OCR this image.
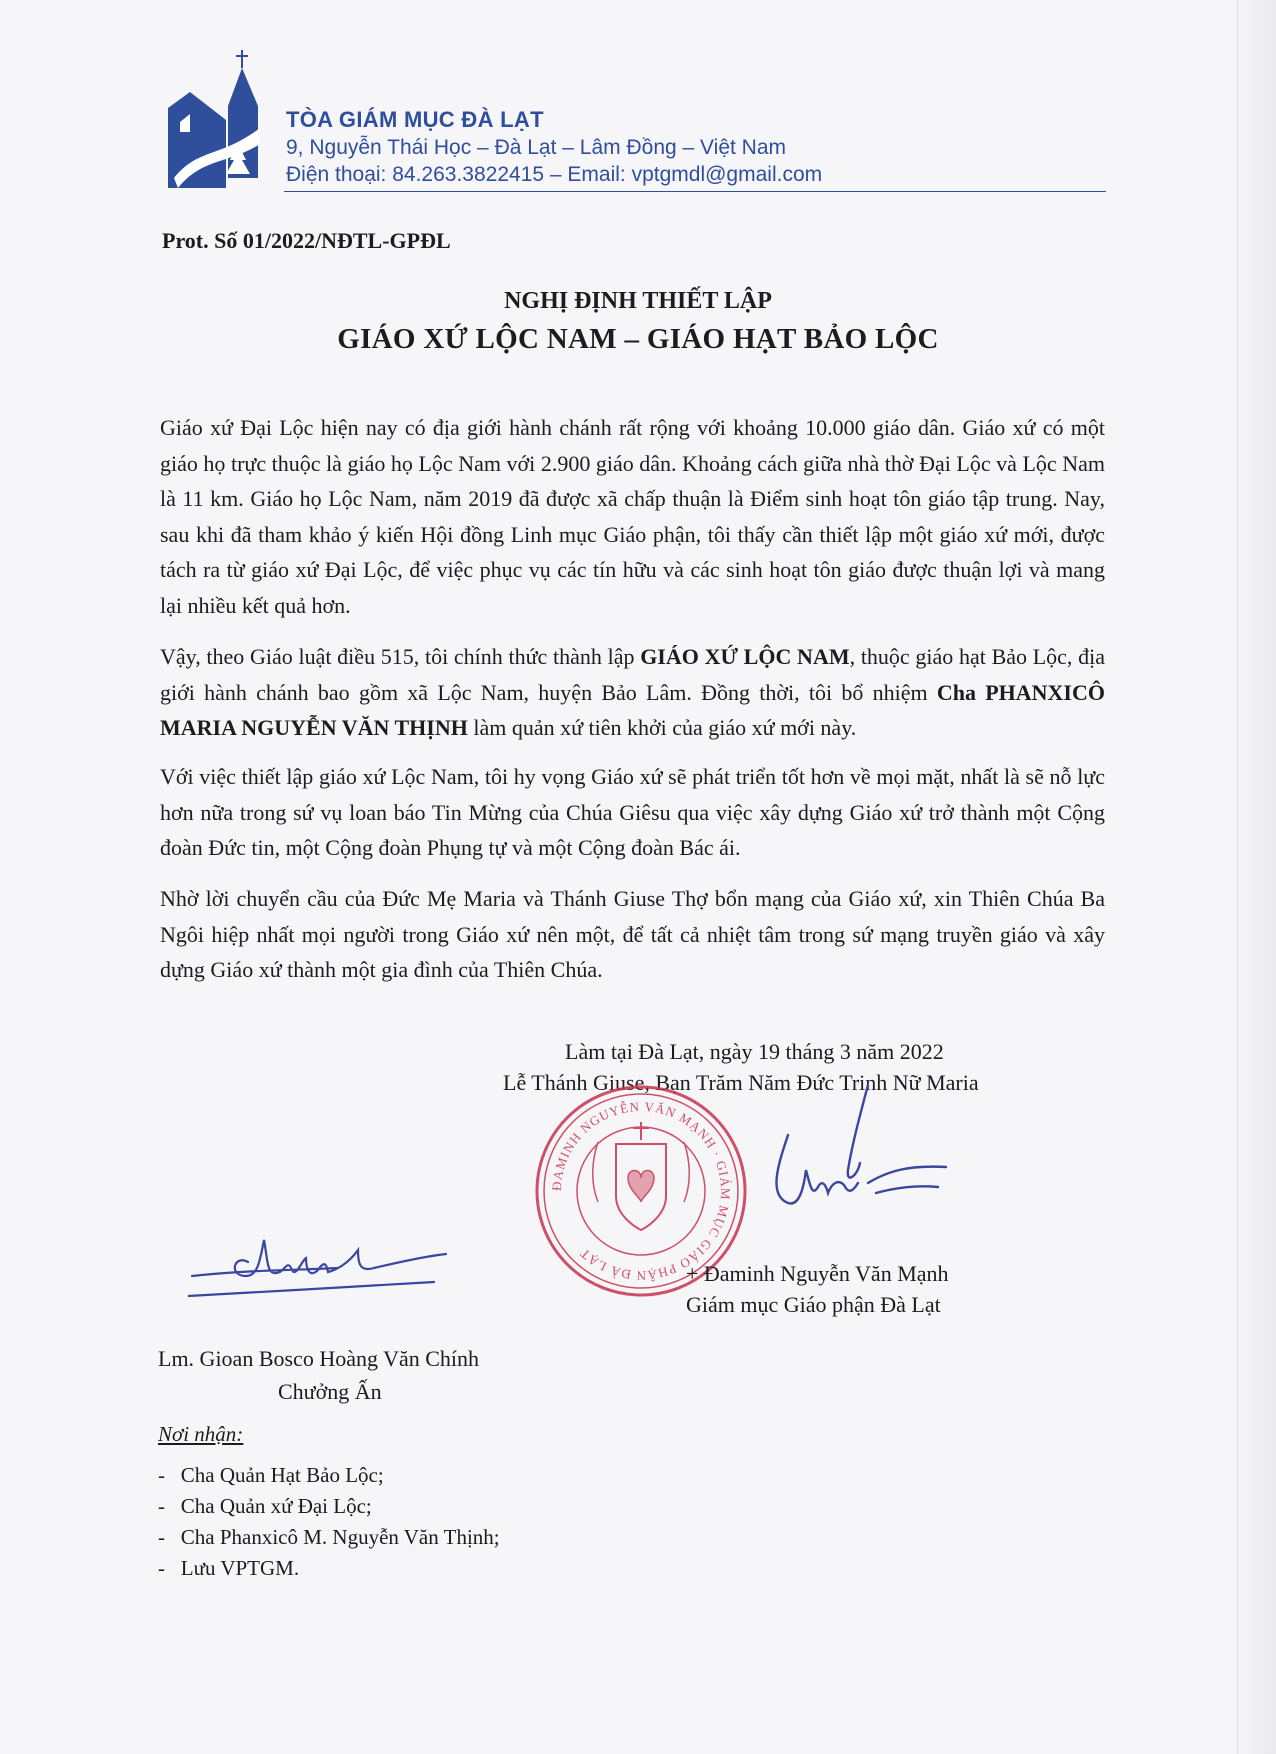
TÒA GIÁM MỤC ĐÀ LẠT
9, Nguyễn Thái Học – Đà Lạt – Lâm Đồng – Việt Nam
Điện thoại: 84.263.3822415 – Email: vptgmdl@gmail.com
Prot. Số 01/2022/NĐTL-GPĐL
NGHỊ ĐỊNH THIẾT LẬP
GIÁO XỨ LỘC NAM – GIÁO HẠT BẢO LỘC
Giáo xứ Đại Lộc hiện nay có địa giới hành chánh rất rộng với khoảng 10.000 giáo dân. Giáo xứ có một giáo họ trực thuộc là giáo họ Lộc Nam với 2.900 giáo dân. Khoảng cách giữa nhà thờ Đại Lộc và Lộc Nam là 11 km. Giáo họ Lộc Nam, năm 2019 đã được xã chấp thuận là Điểm sinh hoạt tôn giáo tập trung. Nay, sau khi đã tham khảo ý kiến Hội đồng Linh mục Giáo phận, tôi thấy cần thiết lập một giáo xứ mới, được tách ra từ giáo xứ Đại Lộc, để việc phục vụ các tín hữu và các sinh hoạt tôn giáo được thuận lợi và mang lại nhiều kết quả hơn.
Vậy, theo Giáo luật điều 515, tôi chính thức thành lập GIÁO XỨ LỘC NAM, thuộc giáo hạt Bảo Lộc, địa giới hành chánh bao gồm xã Lộc Nam, huyện Bảo Lâm. Đồng thời, tôi bổ nhiệm Cha PHANXICÔ MARIA NGUYỄN VĂN THỊNH làm quản xứ tiên khởi của giáo xứ mới này.
Với việc thiết lập giáo xứ Lộc Nam, tôi hy vọng Giáo xứ sẽ phát triển tốt hơn về mọi mặt, nhất là sẽ nỗ lực hơn nữa trong sứ vụ loan báo Tin Mừng của Chúa Giêsu qua việc xây dựng Giáo xứ trở thành một Cộng đoàn Đức tin, một Cộng đoàn Phụng tự và một Cộng đoàn Bác ái.
Nhờ lời chuyển cầu của Đức Mẹ Maria và Thánh Giuse Thợ bổn mạng của Giáo xứ, xin Thiên Chúa Ba Ngôi hiệp nhất mọi người trong Giáo xứ nên một, để tất cả nhiệt tâm trong sứ mạng truyền giáo và xây dựng Giáo xứ thành một gia đình của Thiên Chúa.
Làm tại Đà Lạt, ngày 19 tháng 3 năm 2022
Lễ Thánh Giuse, Bạn Trăm Năm Đức Trinh Nữ Maria
ĐAMINH NGUYỄN VĂN MẠNH · GIÁM MỤC GIÁO PHẬN ĐÀ LẠT
+ Đaminh Nguyễn Văn Mạnh
Giám mục Giáo phận Đà Lạt
Lm. Gioan Bosco Hoàng Văn Chính
Chưởng Ấn
Nơi nhận:
-   Cha Quản Hạt Bảo Lộc;
-   Cha Quản xứ Đại Lộc;
-   Cha Phanxicô M. Nguyễn Văn Thịnh;
-   Lưu VPTGM.
